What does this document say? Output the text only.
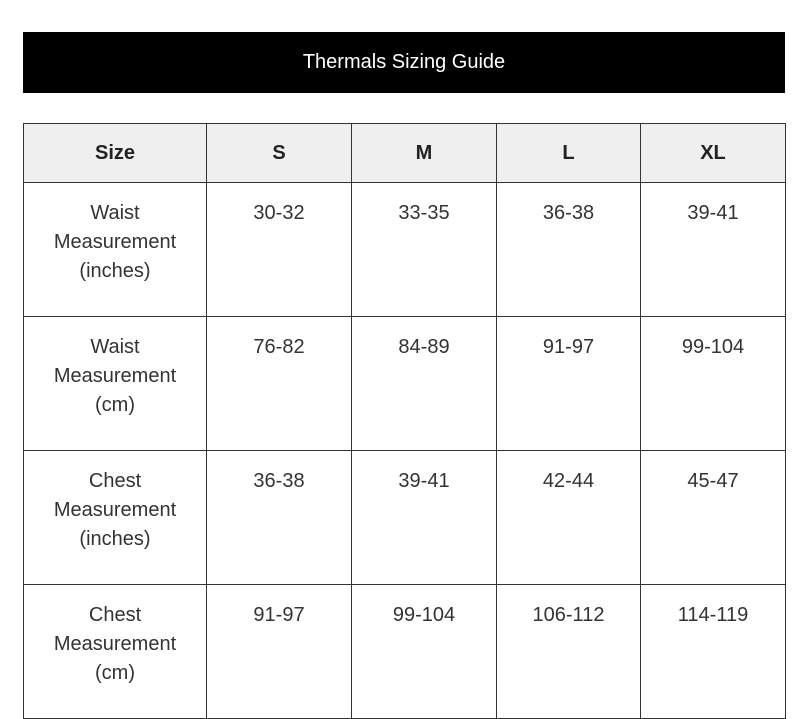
Thermals Sizing Guide
Size	S	M	L	XL

Waist
Measurement
(inches)	30-32	33-35	36-38	39-41

Waist
Measurement
(cm)	76-82	84-89	91-97	99-104

Chest
Measurement
(inches)	36-38	39-41	42-44	45-47

Chest
Measurement
(cm)	91-97	99-104	106-112	114-119
